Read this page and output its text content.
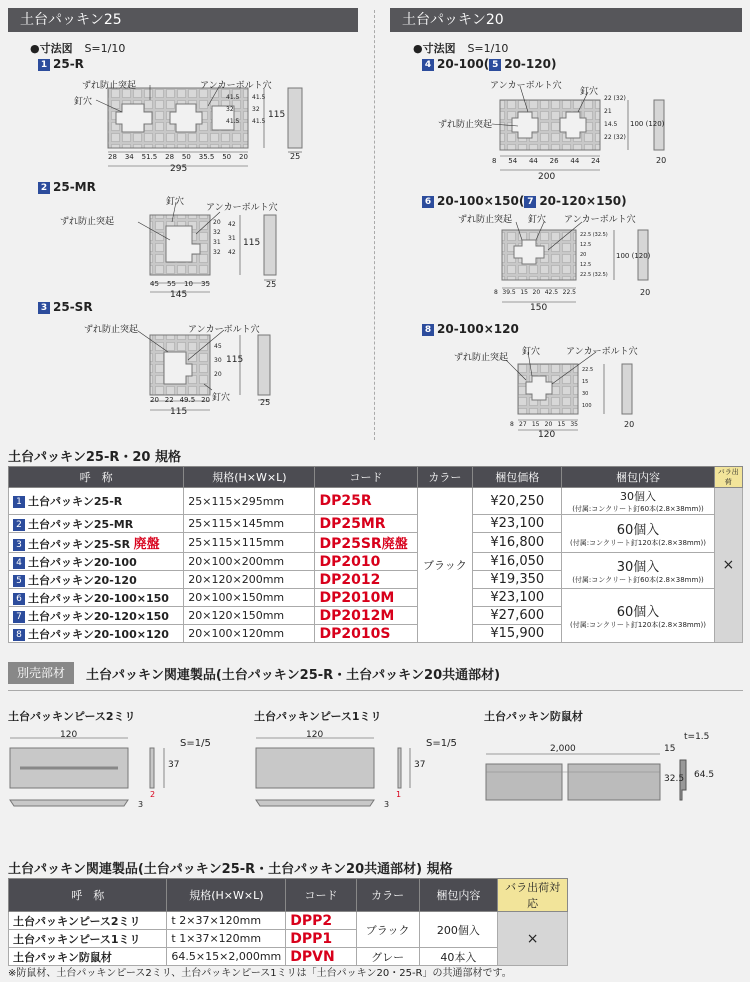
土台パッキン25	土台パッキン20
●寸法図 S=1/10
1 25-R
2 25-MR
3 25-SR
●寸法図 S=1/10
4 20-100( 5 20-120)
6 20-100×150( 7 20-120×150)
8 20-100×120
ずれ防止突起	アンカーボルト穴
釘穴
28 34 51.5 28 50 35.5 50 20
295
115
41.5
32
41.5
41.5
32
41.5
25
ずれ防止突起
アンカーボルト穴
釘穴
45 55 10 35
145
115
42
31
42
20
32
31
32
25
ずれ防止突起	アンカーボルト穴
釘穴
20 22 49.5 20
115
115
45
30
20
25
ずれ防止突起
アンカーボルト穴
釘穴
8 54 44 26 44 24
200
100 (120)
22 (32)
21
14.5
22 (32)
20
ずれ防止突起	アンカーボルト穴
釘穴
8 39.5 15 20 42.5 22.5
150
100 (120)
22.5 (32.5)
12.5
20
12.5
22.5 (32.5)
20
ずれ防止突起
アンカーボルト穴
釘穴
8 27 15 20 15 35
120
22.5
15
30
100
20
土台パッキン25-R・20 規格
呼　称	規格(H×W×L)	コード	カラー	梱包価格	梱包内容	バラ出荷
1 土台パッキン25-R	25×115×295mm	DP25R	ブラック	¥20,250	30個入
(付属:コンクリート釘60本(2.8×38mm))	×
2 土台パッキン25-MR	25×115×145mm	DP25MR		¥23,100	60個入
(付属:コンクリート釘120本(2.8×38mm))	

3 土台パッキン25-SR 廃盤	25×115×115mm	DP25SR廃盤		¥16,800		
4 土台パッキン20-100	20×100×200mm	DP2010		¥16,050	30個入
(付属:コンクリート釘60本(2.8×38mm))	

5 土台パッキン20-120	20×120×200mm	DP2012		¥19,350		
6 土台パッキン20-100×150	20×100×150mm	DP2010M		¥23,100	60個入
(付属:コンクリート釘120本(2.8×38mm))	

7 土台パッキン20-120×150	20×120×150mm	DP2012M		¥27,600		
8 土台パッキン20-100×120	20×100×120mm	DP2010S		¥15,900		
別売部材	土台パッキン関連製品(土台パッキン25-R・土台パッキン20共通部材)
土台パッキンピース2ミリ	土台パッキンピース1ミリ	土台パッキン防鼠材
S=1/5	S=1/5
120
37
2
3
120
37
1
3
2,000
t=1.5
15
32.5 64.5
土台パッキン関連製品(土台パッキン25-R・土台パッキン20共通部材) 規格
呼　称	規格(H×W×L)	コード	カラー	梱包内容	バラ出荷対応
土台パッキンピース2ミリ	t 2×37×120mm	DPP2	ブラック	200個入	×
土台パッキンピース1ミリ	t 1×37×120mm	DPP1			
土台パッキン防鼠材	64.5×15×2,000mm	DPVN	グレー	40本入	
※防鼠材、土台パッキンピース2ミリ、土台パッキンピース1ミリは「土台パッキン20・25-R」の共通部材です。
